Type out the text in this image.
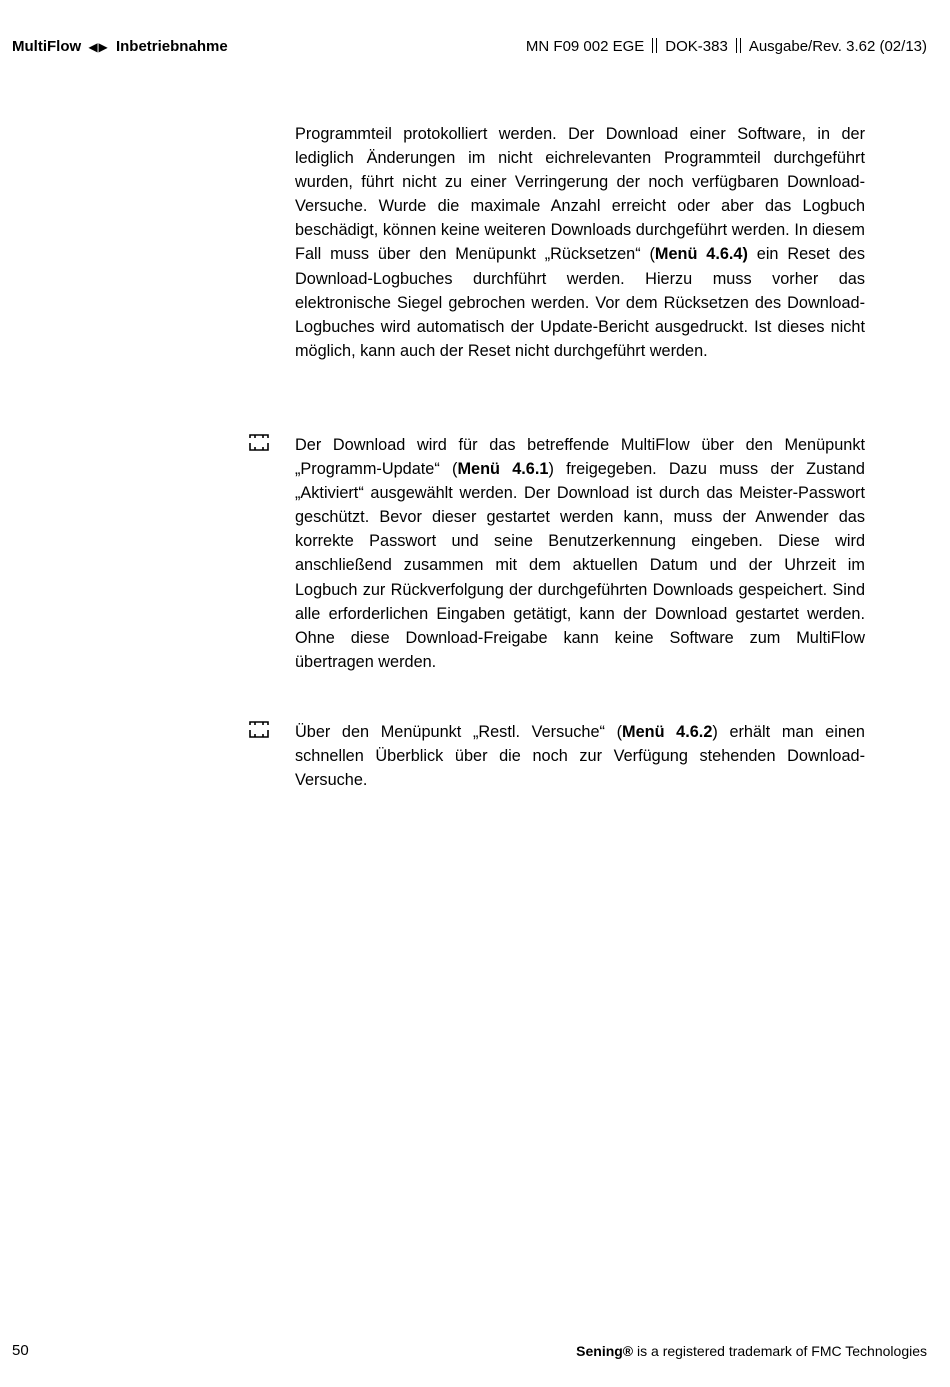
MultiFlow ◀▶ Inbetriebnahme	MN F09 002 EGE DOK-383 Ausgabe/Rev. 3.62 (02/13)
Programmteil protokolliert werden. Der Download einer Software, in der lediglich Änderungen im nicht eichrelevanten Programmteil durchgeführt wurden, führt nicht zu einer Verringerung der noch verfügbaren Download-Versuche. Wurde die maximale Anzahl erreicht oder aber das Logbuch beschädigt, können keine weiteren Downloads durchgeführt werden. In diesem Fall muss über den Menüpunkt „Rücksetzen“ (Menü 4.6.4) ein Reset des Download-Logbuches durchführt werden. Hierzu muss vorher das elektronische Siegel gebrochen werden. Vor dem Rücksetzen des Download-Logbuches wird automatisch der Update-Bericht ausgedruckt. Ist dieses nicht möglich, kann auch der Reset nicht durchgeführt werden.
Der Download wird für das betreffende MultiFlow über den Menüpunkt „Programm-Update“ (Menü 4.6.1) freigegeben. Dazu muss der Zustand „Aktiviert“ ausgewählt werden. Der Download ist durch das Meister-Passwort geschützt. Bevor dieser gestartet werden kann, muss der Anwender das korrekte Passwort und seine Benutzerkennung eingeben. Diese wird anschließend zusammen mit dem aktuellen Datum und der Uhrzeit im Logbuch zur Rückverfolgung der durchgeführten Downloads gespeichert. Sind alle erforderlichen Eingaben getätigt, kann der Download gestartet werden. Ohne diese Download-Freigabe kann keine Software zum MultiFlow übertragen werden.
Über den Menüpunkt „Restl. Versuche“ (Menü 4.6.2) erhält man einen schnellen Überblick über die noch zur Verfügung stehenden Download-Versuche.
50	Sening® is a registered trademark of FMC Technologies
